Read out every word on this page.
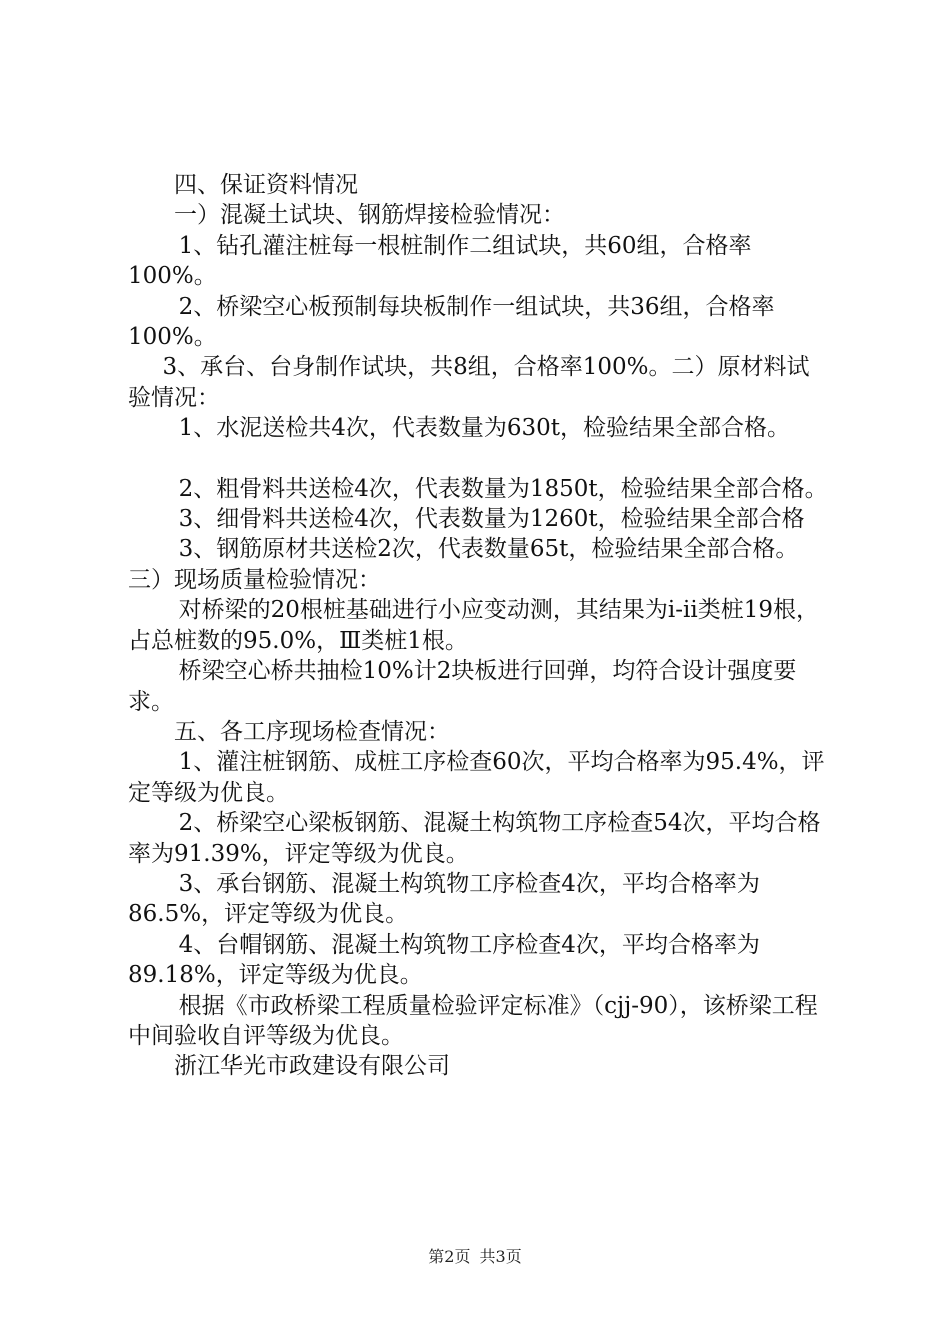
四、保证资料情况

一）混凝土试块、钢筋焊接检验情况：

1、钻孔灌注桩每一根桩制作二组试块，共60组，合格率100%。

2、桥梁空心板预制每块板制作一组试块，共36组，合格率100%。

3、承台、台身制作试块，共8组，合格率100%。二）原材料试验情况：

1、水泥送检共4次，代表数量为630t，检验结果全部合格。

2、粗骨料共送检4次，代表数量为1850t，检验结果全部合格。

3、细骨料共送检4次，代表数量为1260t，检验结果全部合格

3、钢筋原材共送检2次，代表数量65t，检验结果全部合格。三）现场质量检验情况：

对桥梁的20根桩基础进行小应变动测，其结果为i-ii类桩19根，占总桩数的95.0%，Ⅲ类桩1根。

桥梁空心桥共抽检10%计2块板进行回弹，均符合设计强度要求。

五、各工序现场检查情况：

1、灌注桩钢筋、成桩工序检查60次，平均合格率为95.4%，评定等级为优良。

2、桥梁空心梁板钢筋、混凝土构筑物工序检查54次，平均合格率为91.39%，评定等级为优良。

3、承台钢筋、混凝土构筑物工序检查4次，平均合格率为86.5%，评定等级为优良。

4、台帽钢筋、混凝土构筑物工序检查4次，平均合格率为89.18%，评定等级为优良。

根据《市政桥梁工程质量检验评定标准》（cjj-90），该桥梁工程中间验收自评等级为优良。

浙江华光市政建设有限公司

第2页 共3页
